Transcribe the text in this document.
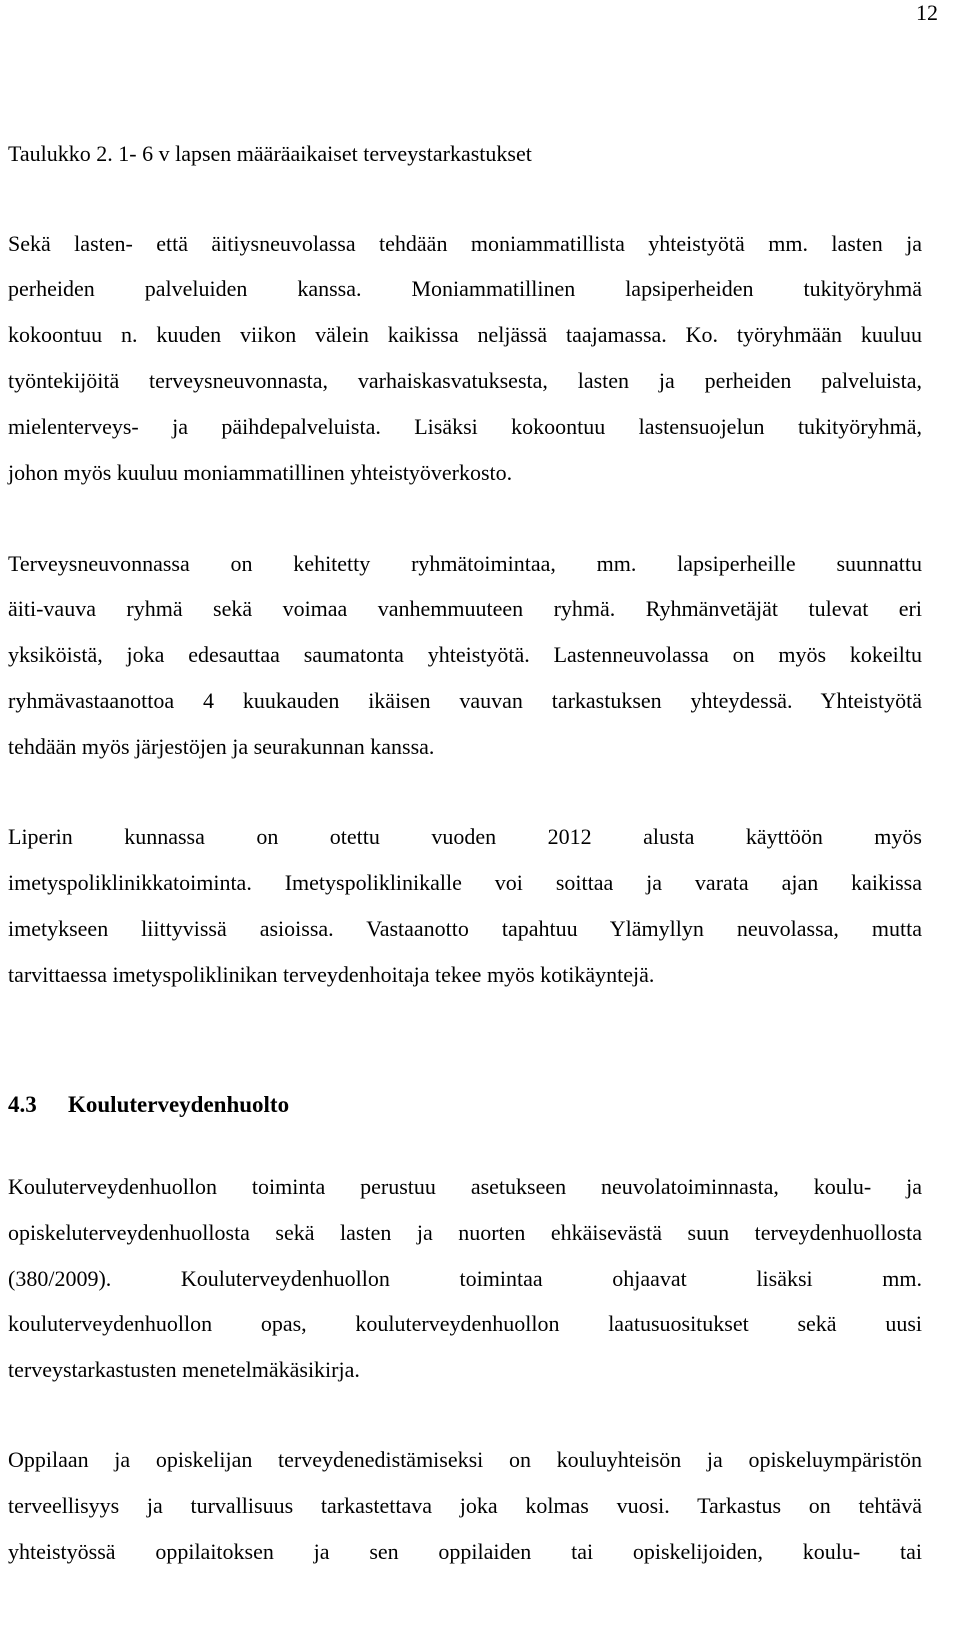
12
Taulukko 2. 1- 6 v lapsen määräaikaiset terveystarkastukset
Sekä lasten- että äitiysneuvolassa tehdään moniammatillista yhteistyötä mm. lasten ja
perheiden palveluiden kanssa. Moniammatillinen lapsiperheiden tukityöryhmä
kokoontuu n. kuuden viikon välein kaikissa neljässä taajamassa. Ko. työryhmään kuuluu
työntekijöitä terveysneuvonnasta, varhaiskasvatuksesta, lasten ja perheiden palveluista,
mielenterveys- ja päihdepalveluista. Lisäksi kokoontuu lastensuojelun tukityöryhmä,
johon myös kuuluu moniammatillinen yhteistyöverkosto.
Terveysneuvonnassa on kehitetty ryhmätoimintaa, mm. lapsiperheille suunnattu
äiti-vauva ryhmä sekä voimaa vanhemmuuteen ryhmä. Ryhmänvetäjät tulevat eri
yksiköistä, joka edesauttaa saumatonta yhteistyötä. Lastenneuvolassa on myös kokeiltu
ryhmävastaanottoa 4 kuukauden ikäisen vauvan tarkastuksen yhteydessä. Yhteistyötä
tehdään myös järjestöjen ja seurakunnan kanssa.
Liperin kunnassa on otettu vuoden 2012 alusta käyttöön myös
imetyspoliklinikkatoiminta. Imetyspoliklinikalle voi soittaa ja varata ajan kaikissa
imetykseen liittyvissä asioissa. Vastaanotto tapahtuu Ylämyllyn neuvolassa, mutta
tarvittaessa imetyspoliklinikan terveydenhoitaja tekee myös kotikäyntejä.
4.3 Kouluterveydenhuolto
Kouluterveydenhuollon toiminta perustuu asetukseen neuvolatoiminnasta, koulu- ja
opiskeluterveydenhuollosta sekä lasten ja nuorten ehkäisevästä suun terveydenhuollosta
(380/2009). Kouluterveydenhuollon toimintaa ohjaavat lisäksi mm.
kouluterveydenhuollon opas, kouluterveydenhuollon laatusuositukset sekä uusi
terveystarkastusten menetelmäkäsikirja.
Oppilaan ja opiskelijan terveydenedistämiseksi on kouluyhteisön ja opiskeluympäristön
terveellisyys ja turvallisuus tarkastettava joka kolmas vuosi. Tarkastus on tehtävä
yhteistyössä oppilaitoksen ja sen oppilaiden tai opiskelijoiden, koulu- tai
